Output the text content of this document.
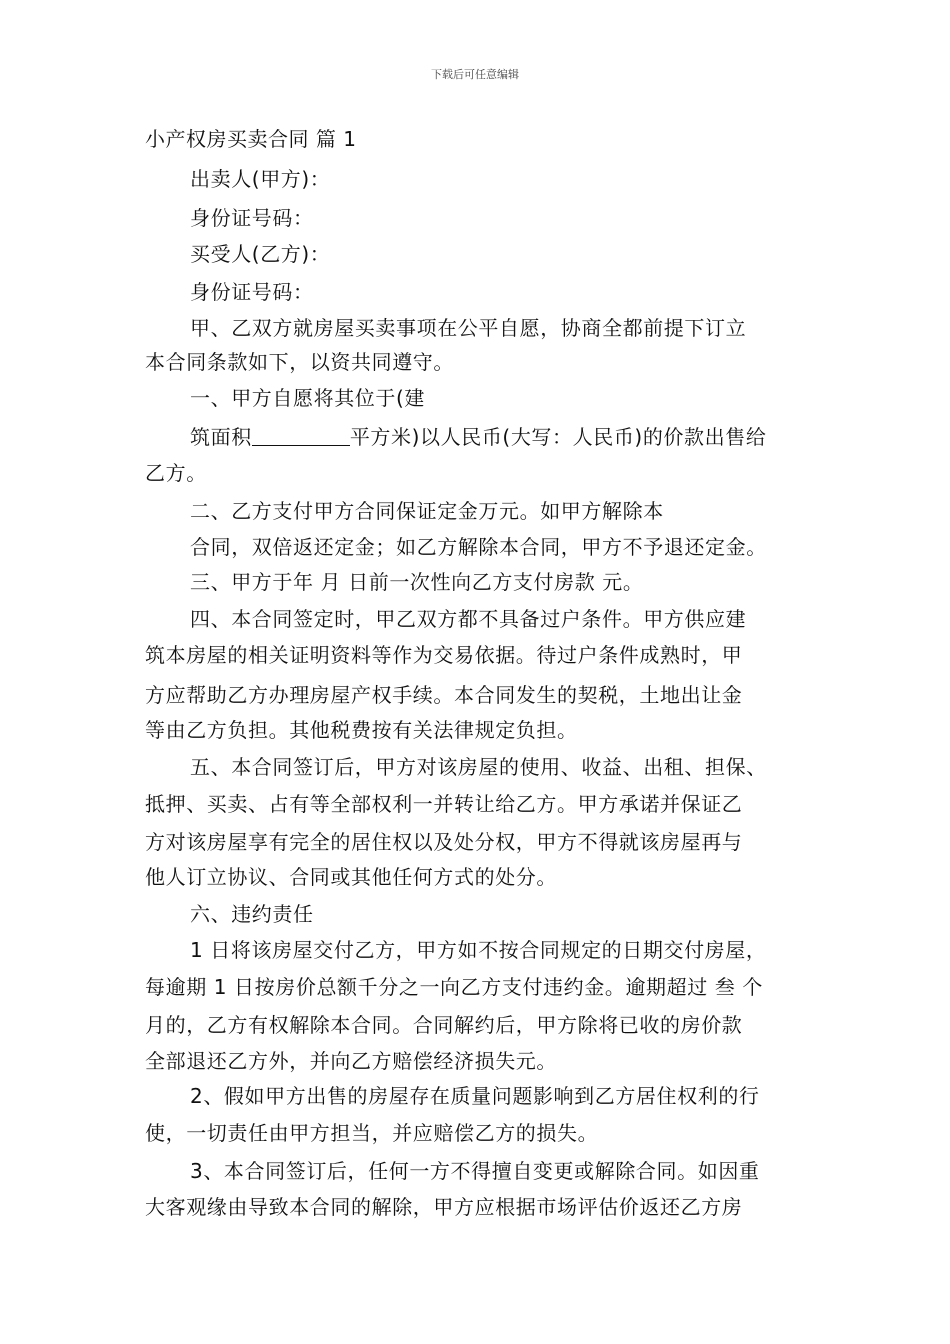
下载后可任意编辑
小产权房买卖合同 篇 1
出卖人(甲方)：
身份证号码：
买受人(乙方)：
身份证号码：
甲、乙双方就房屋买卖事项在公平自愿，协商全都前提下订立
本合同条款如下，以资共同遵守。
一、甲方自愿将其位于(建
筑面积	平方米)以人民币(大写：人民币)的价款出售给
乙方。
二、乙方支付甲方合同保证定金万元。如甲方解除本
合同，双倍返还定金；如乙方解除本合同，甲方不予退还定金。
三、甲方于年 月 日前一次性向乙方支付房款 元。
四、本合同签定时，甲乙双方都不具备过户条件。甲方供应建
筑本房屋的相关证明资料等作为交易依据。待过户条件成熟时，甲
方应帮助乙方办理房屋产权手续。本合同发生的契税，土地出让金
等由乙方负担。其他税费按有关法律规定负担。
五、本合同签订后，甲方对该房屋的使用、收益、出租、担保、
抵押、买卖、占有等全部权利一并转让给乙方。甲方承诺并保证乙
方对该房屋享有完全的居住权以及处分权，甲方不得就该房屋再与
他人订立协议、合同或其他任何方式的处分。
六、违约责任
1 日将该房屋交付乙方，甲方如不按合同规定的日期交付房屋，
每逾期 1 日按房价总额千分之一向乙方支付违约金。逾期超过 叁 个
月的，乙方有权解除本合同。合同解约后，甲方除将已收的房价款
全部退还乙方外，并向乙方赔偿经济损失元。
2、假如甲方出售的房屋存在质量问题影响到乙方居住权利的行
使，一切责任由甲方担当，并应赔偿乙方的损失。
3、本合同签订后，任何一方不得擅自变更或解除合同。如因重
大客观缘由导致本合同的解除，甲方应根据市场评估价返还乙方房
